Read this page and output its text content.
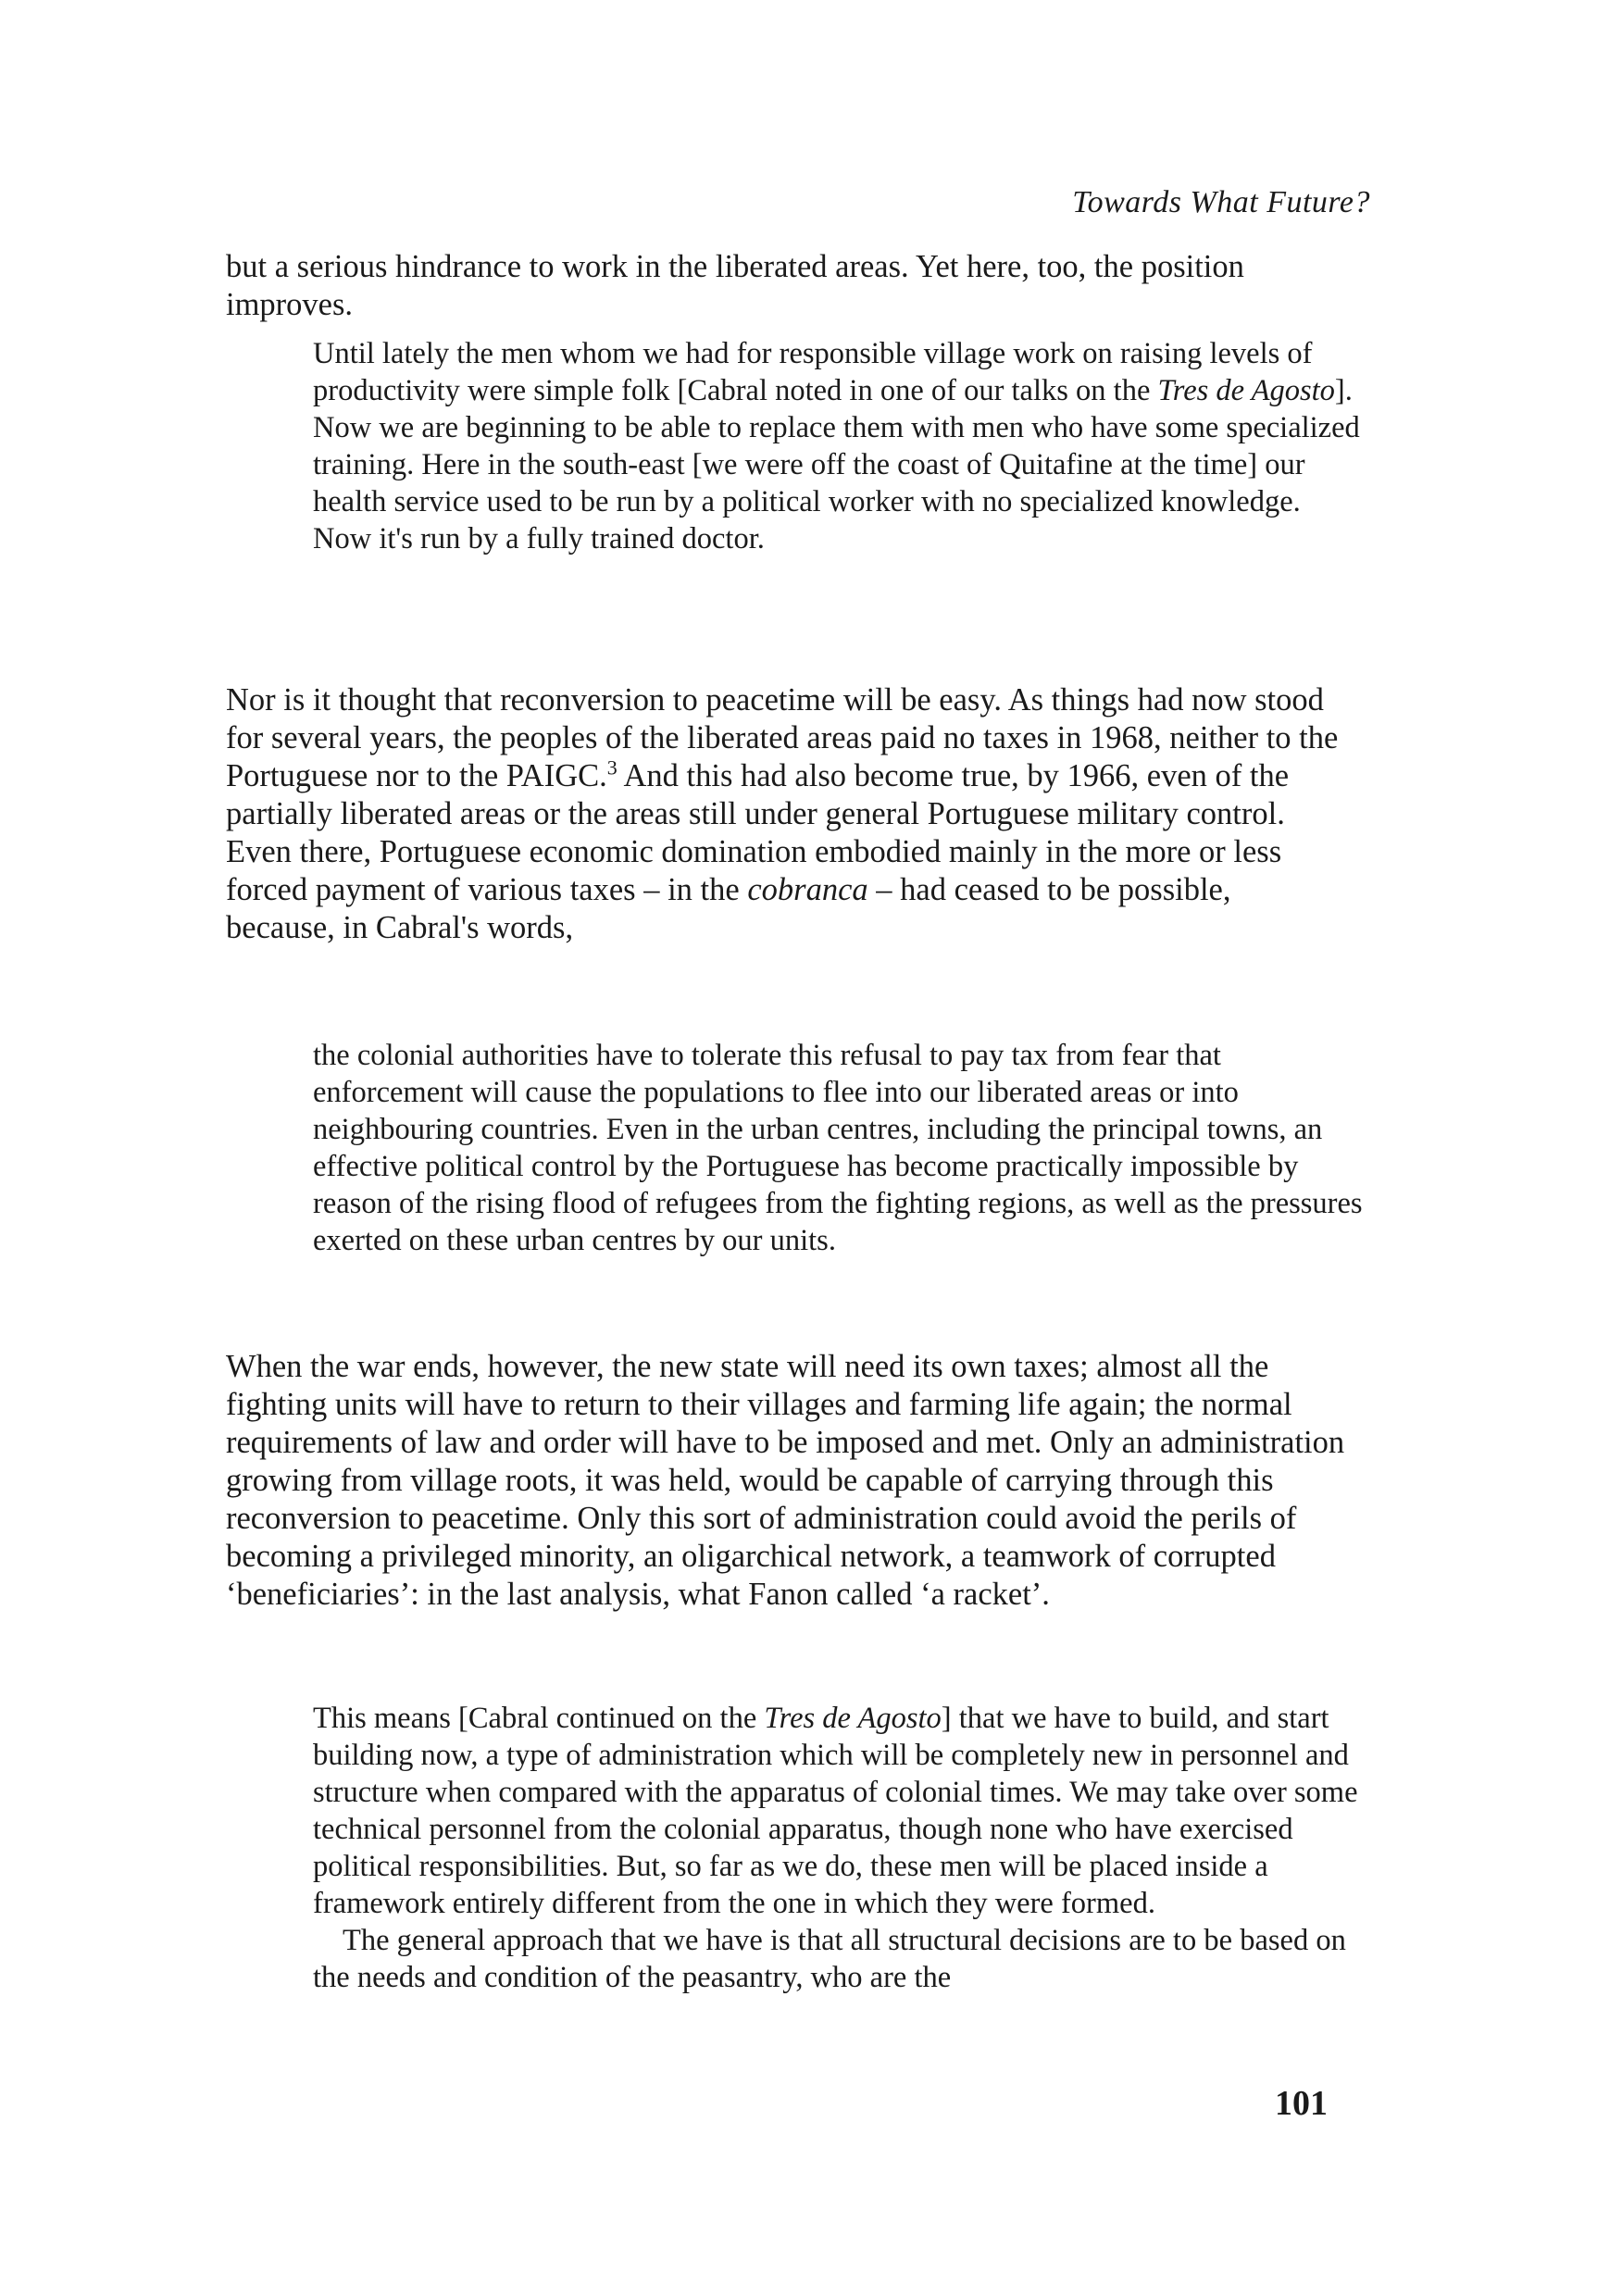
Towards What Future?

but a serious hindrance to work in the liberated areas. Yet here, too, the position improves.

Until lately the men whom we had for responsible village work on raising levels of productivity were simple folk [Cabral noted in one of our talks on the Tres de Agosto]. Now we are beginning to be able to replace them with men who have some specialized training. Here in the south-east [we were off the coast of Quitafine at the time] our health service used to be run by a political worker with no specialized knowledge. Now it's run by a fully trained doctor.

Nor is it thought that reconversion to peacetime will be easy. As things had now stood for several years, the peoples of the liberated areas paid no taxes in 1968, neither to the Portuguese nor to the PAIGC.$^3$ And this had also become true, by 1966, even of the partially liberated areas or the areas still under general Portuguese military control. Even there, Portuguese economic domination embodied mainly in the more or less forced payment of various taxes – in the cobranca – had ceased to be possible, because, in Cabral's words,

the colonial authorities have to tolerate this refusal to pay tax from fear that enforcement will cause the populations to flee into our liberated areas or into neighbouring countries. Even in the urban centres, including the principal towns, an effective political control by the Portuguese has become practically impossible by reason of the rising flood of refugees from the fighting regions, as well as the pressures exerted on these urban centres by our units.

When the war ends, however, the new state will need its own taxes; almost all the fighting units will have to return to their villages and farming life again; the normal requirements of law and order will have to be imposed and met. Only an administration growing from village roots, it was held, would be capable of carrying through this reconversion to peacetime. Only this sort of administration could avoid the perils of becoming a privileged minority, an oligarchical network, a teamwork of corrupted ‘beneficiaries’: in the last analysis, what Fanon called ‘a racket’.

This means [Cabral continued on the Tres de Agosto] that we have to build, and start building now, a type of administration which will be completely new in personnel and structure when compared with the apparatus of colonial times. We may take over some technical personnel from the colonial apparatus, though none who have exercised political responsibilities. But, so far as we do, these men will be placed inside a framework entirely different from the one in which they were formed.

The general approach that we have is that all structural decisions are to be based on the needs and condition of the peasantry, who are the

101
